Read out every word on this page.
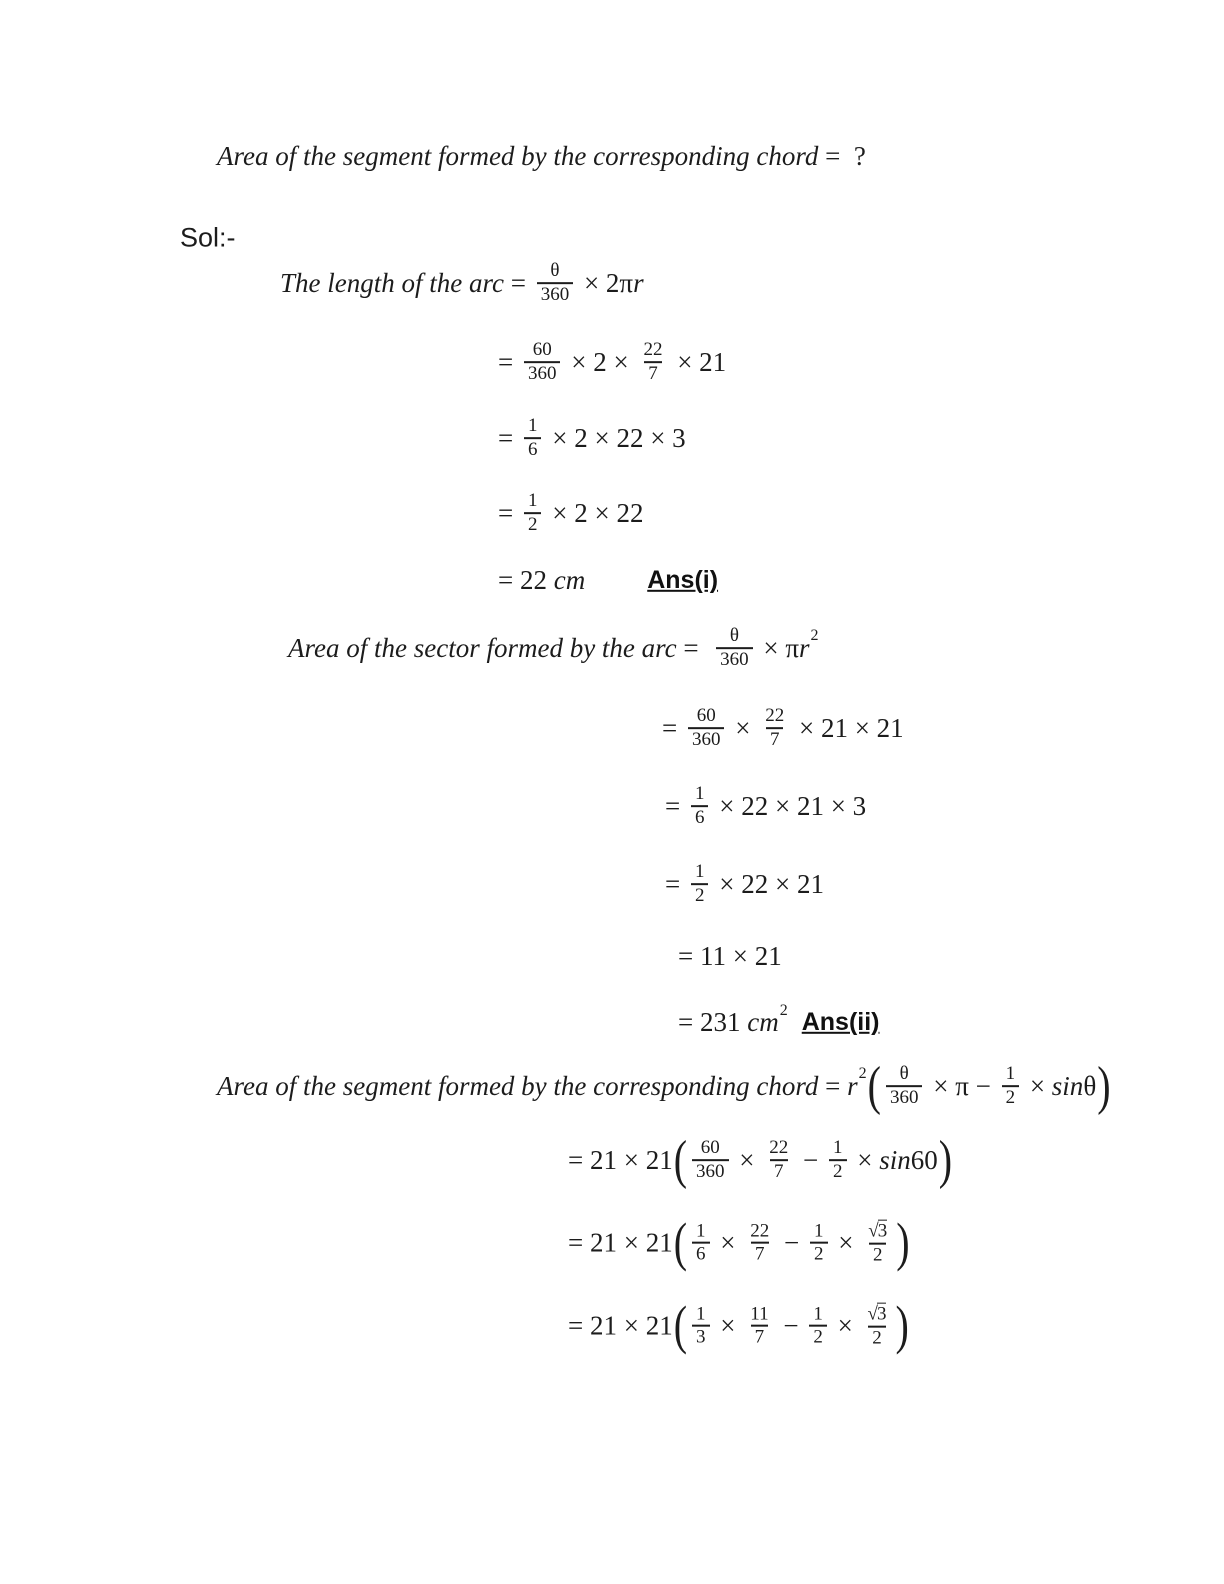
Sol:-
Area of the segment formed by the corresponding chord =  ?
The length of the arc = $\frac{\theta}{360} \times 2\pi$ r
= $\frac{60}{360} \times 2 \times \frac{22}{7} \times 21$
= $\frac{1}{6} \times 2 \times 22 \times 3$
= $\frac{1}{2} \times 2 \times 22$
= 22 cm Ans(i)
Area of the sector formed by the arc = $\frac{\theta}{360} \times \pi$ r 2
= $\frac{60}{360} \times \frac{22}{7} \times 21 \times 21$
= $\frac{1}{6} \times 22 \times 21 \times 3$
= $\frac{1}{2} \times 22 \times 21$
= 11 × 21
= 231 cm 2 Ans(ii)
Area of the segment formed by the corresponding chord = r 2 ( $\frac{\theta}{360} \times \pi - \frac{1}{2} \times \sin \theta$ )
= 21 × 21 ( $\frac{60}{360} \times \frac{22}{7} - \frac{1}{2} \times \sin 60$ )
= 21 × 21 ( $\frac{1}{6} \times \frac{22}{7} - \frac{1}{2} \times \frac{√ 3}{2}$ )
= 21 × 21 ( $\frac{1}{3} \times \frac{11}{7} - \frac{1}{2} \times \frac{√ 3}{2}$ )
